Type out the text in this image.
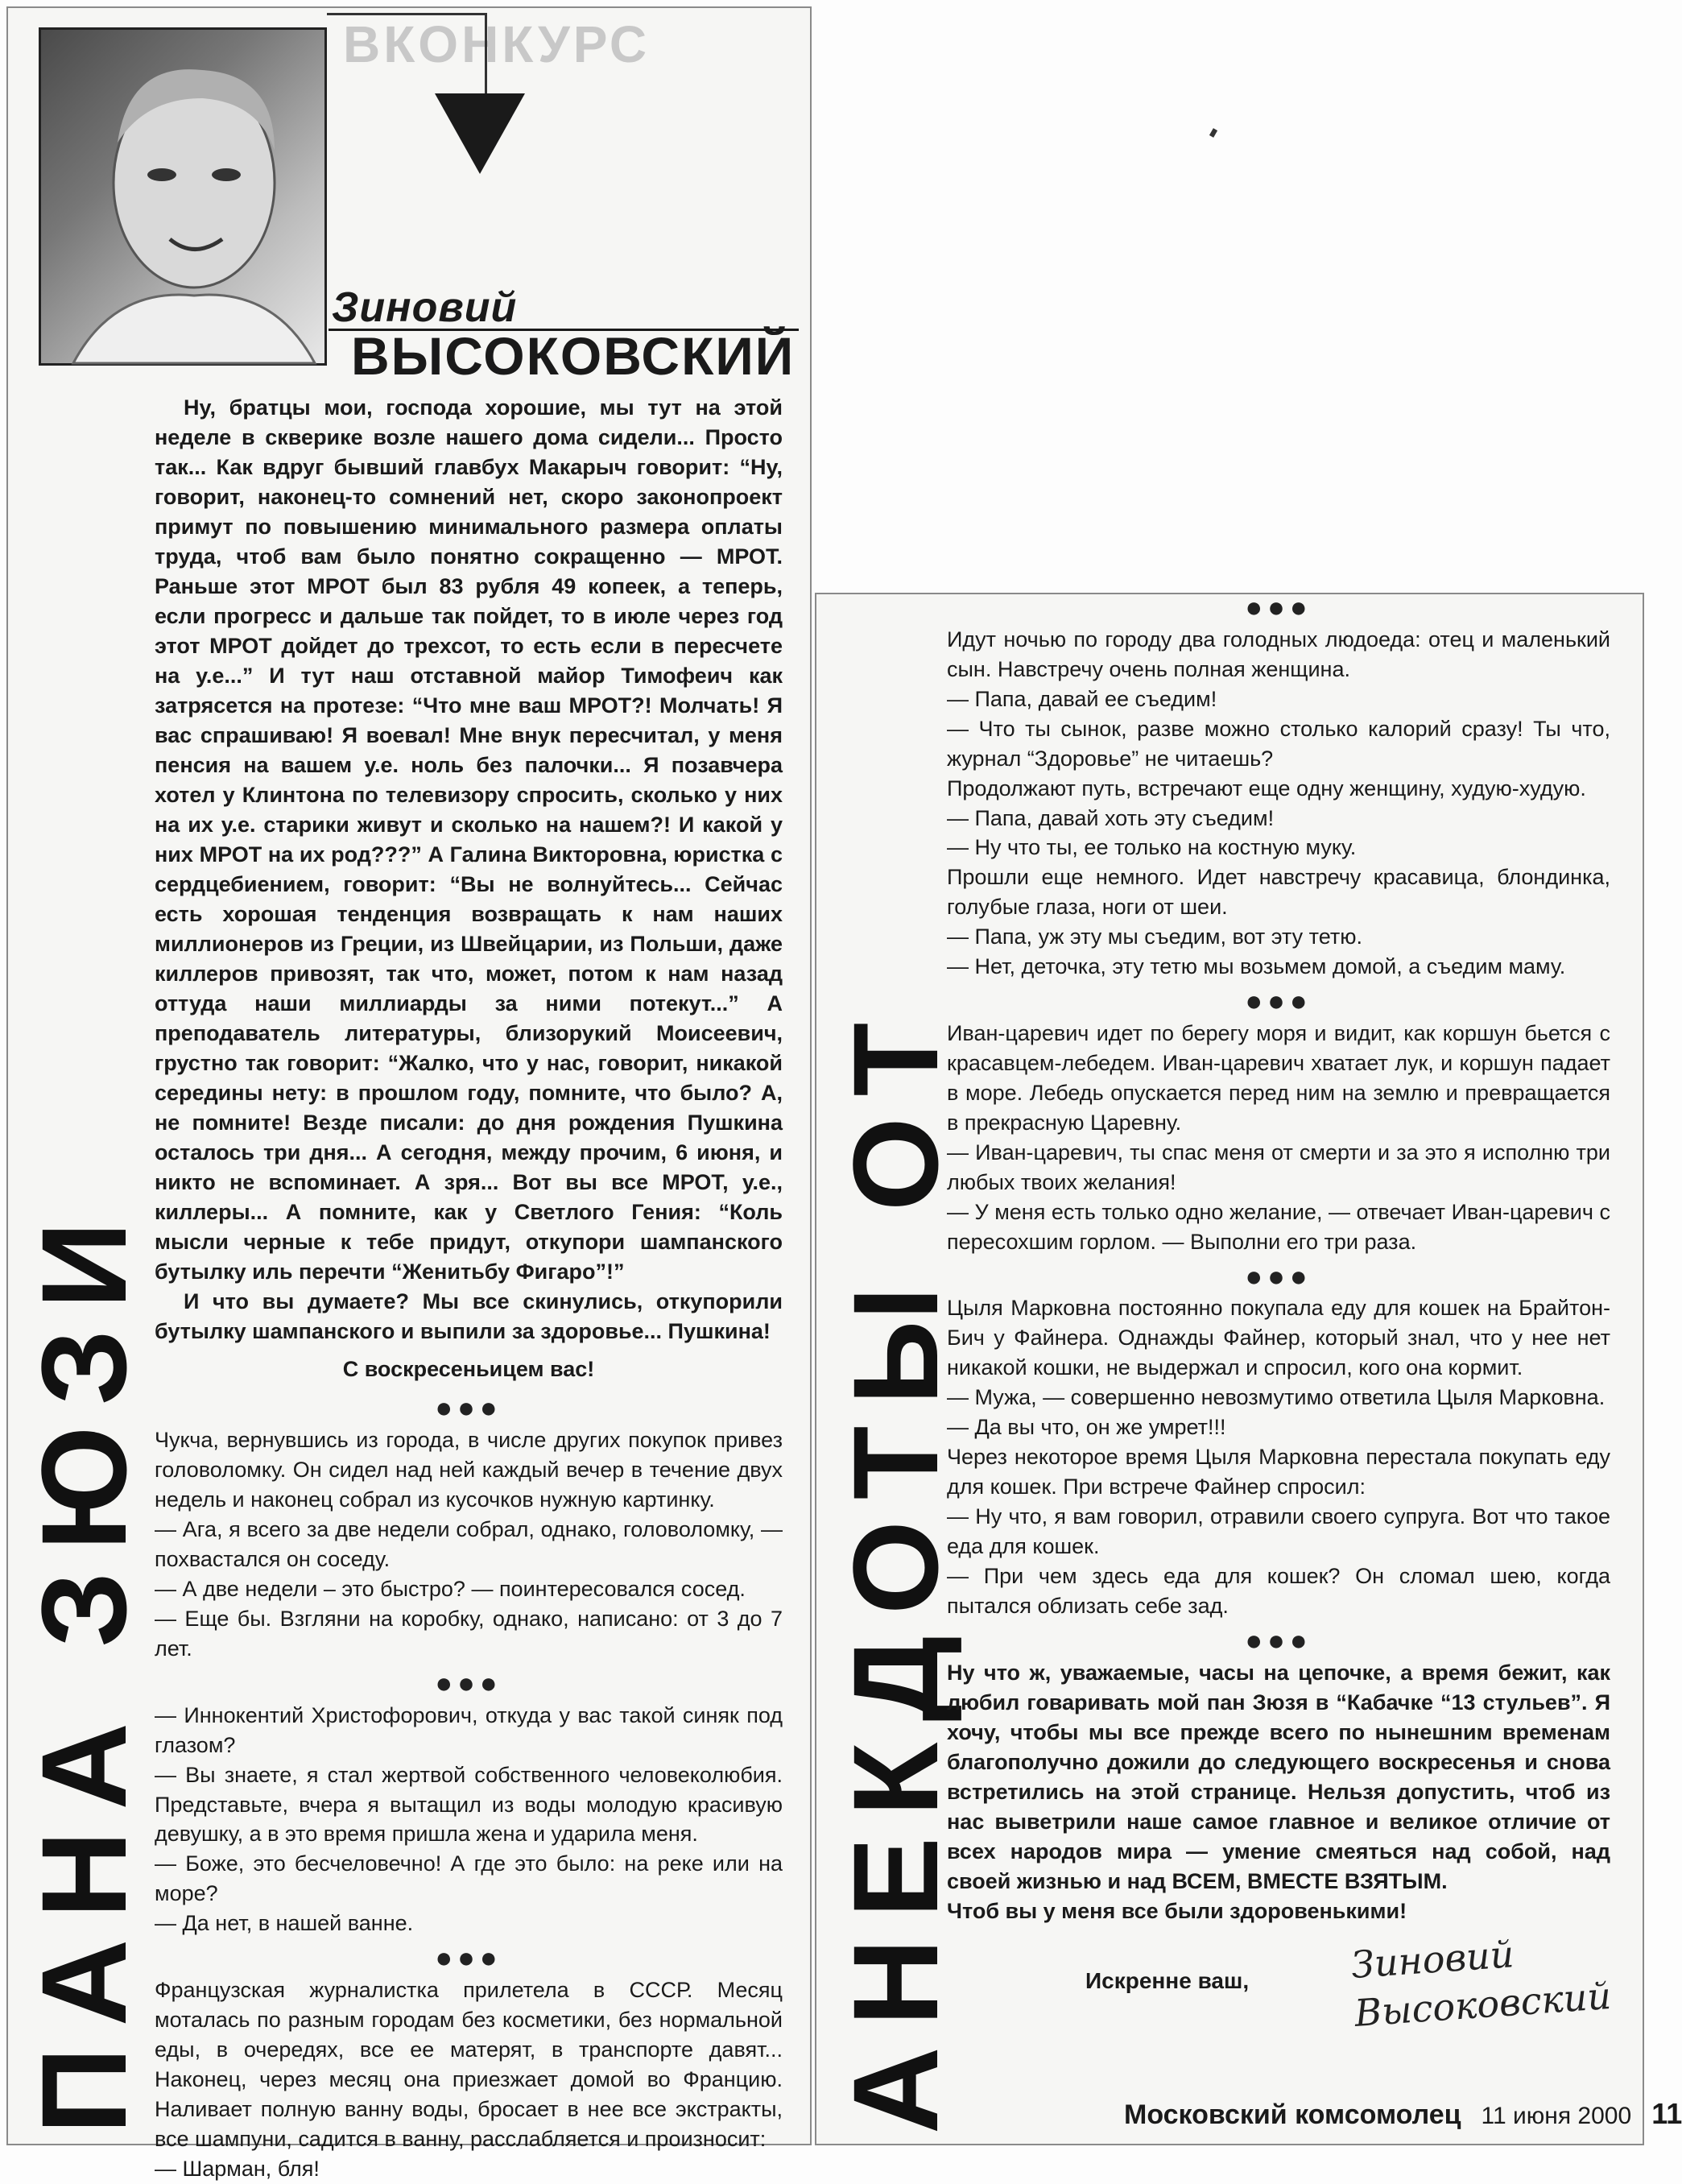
ВКОНКУРС
Зиновий
ВЫСОКОВСКИЙ
ПАНА ЗЮЗИ	АНЕКДОТЫ ОТ

Ну, братцы мои, господа хорошие, мы тут на этой неделе в скверике возле нашего дома сидели... Просто так... Как вдруг бывший главбух Макарыч говорит: “Ну, говорит, наконец-то сомнений нет, скоро законопроект примут по повышению минимального размера оплаты труда, чтоб вам было понятно сокращенно — МРОТ. Раньше этот МРОТ был 83 рубля 49 копеек, а теперь, если прогресс и дальше так пойдет, то в июле через год этот МРОТ дойдет до трехсот, то есть если в пересчете на у.е...” И тут наш отставной майор Тимофеич как затрясется на протезе: “Что мне ваш МРОТ?! Молчать! Я вас спрашиваю! Я воевал! Мне внук пересчитал, у меня пенсия на вашем у.е. ноль без палочки... Я позавчера хотел у Клинтона по телевизору спросить, сколько у них на их у.е. старики живут и сколько на нашем?! И какой у них МРОТ на их род???” А Галина Викторовна, юристка с сердцебиением, говорит: “Вы не волнуйтесь... Сейчас есть хорошая тенденция возвращать к нам наших миллионеров из Греции, из Швейцарии, из Польши, даже киллеров привозят, так что, может, потом к нам назад оттуда наши миллиарды за ними потекут...” А преподаватель литературы, близорукий Моисеевич, грустно так говорит: “Жалко, что у нас, говорит, никакой середины нету: в прошлом году, помните, что было? А, не помните! Везде писали: до дня рождения Пушкина осталось три дня... А сегодня, между прочим, 6 июня, и никто не вспоминает. А зря... Вот вы все МРОТ, у.е., киллеры... А помните, как у Светлого Гения: “Коль мысли черные к тебе придут, откупори шампанского бутылку иль перечти “Женитьбу Фигаро”!”

И что вы думаете? Мы все скинулись, откупорили бутылку шампанского и выпили за здоровье... Пушкина!

С воскресеньицем вас!

●●●

Чукча, вернувшись из города, в числе других покупок привез головоломку. Он сидел над ней каждый вечер в течение двух недель и наконец собрал из кусочков нужную картинку.

— Ага, я всего за две недели собрал, однако, головоломку, — похвастался он соседу.

— А две недели – это быстро? — поинтересовался сосед.

— Еще бы. Взгляни на коробку, однако, написано: от 3 до 7 лет.

●●●

— Иннокентий Христофорович, откуда у вас такой синяк под глазом?

— Вы знаете, я стал жертвой собственного человеколюбия. Представьте, вчера я вытащил из воды молодую красивую девушку, а в это время пришла жена и ударила меня.

— Боже, это бесчеловечно! А где это было: на реке или на море?

— Да нет, в нашей ванне.

●●●

Французская журналистка прилетела в СССР. Месяц моталась по разным городам без косметики, без нормальной еды, в очередях, все ее матерят, в транспорте давят... Наконец, через месяц она приезжает домой во Францию. Наливает полную ванну воды, бросает в нее все экстракты, все шампуни, садится в ванну, расслабляется и произносит:

— Шарман, бля!

●●●

Идут ночью по городу два голодных людоеда: отец и маленький сын. Навстречу очень полная женщина.

— Папа, давай ее съедим!

— Что ты сынок, разве можно столько калорий сразу! Ты что, журнал “Здоровье” не читаешь?

Продолжают путь, встречают еще одну женщину, худую-худую.

— Папа, давай хоть эту съедим!

— Ну что ты, ее только на костную муку.

Прошли еще немного. Идет навстречу красавица, блондинка, голубые глаза, ноги от шеи.

— Папа, уж эту мы съедим, вот эту тетю.

— Нет, деточка, эту тетю мы возьмем домой, а съедим маму.

●●●

Иван-царевич идет по берегу моря и видит, как коршун бьется с красавцем-лебедем. Иван-царевич хватает лук, и коршун падает в море. Лебедь опускается перед ним на землю и превращается в прекрасную Царевну.

— Иван-царевич, ты спас меня от смерти и за это я исполню три любых твоих желания!

— У меня есть только одно желание, — отвечает Иван-царевич с пересохшим горлом. — Выполни его три раза.

●●●

Цыля Марковна постоянно покупала еду для кошек на Брайтон-Бич у Файнера. Однажды Файнер, который знал, что у нее нет никакой кошки, не выдержал и спросил, кого она кормит.

— Мужа, — совершенно невозмутимо ответила Цыля Марковна.

— Да вы что, он же умрет!!!

Через некоторое время Цыля Марковна перестала покупать еду для кошек. При встрече Файнер спросил:

— Ну что, я вам говорил, отравили своего супруга. Вот что такое еда для кошек.

— При чем здесь еда для кошек? Он сломал шею, когда пытался облизать себе зад.

●●●

Ну что ж, уважаемые, часы на цепочке, а время бежит, как любил говаривать мой пан Зюзя в “Кабачке “13 стульев”. Я хочу, чтобы мы все прежде всего по нынешним временам благополучно дожили до следующего воскресенья и снова встретились на этой странице. Нельзя допустить, чтоб из нас выветрили наше самое главное и великое отличие от всех народов мира — умение смеяться над собой, над своей жизнью и над ВСЕМ, ВМЕСТЕ ВЗЯТЫМ.

Чтоб вы у меня все были здоровенькими!

Искренне ваш,	Зиновий
Высоковский
Московский комсомолец 11 июня 2000 11
